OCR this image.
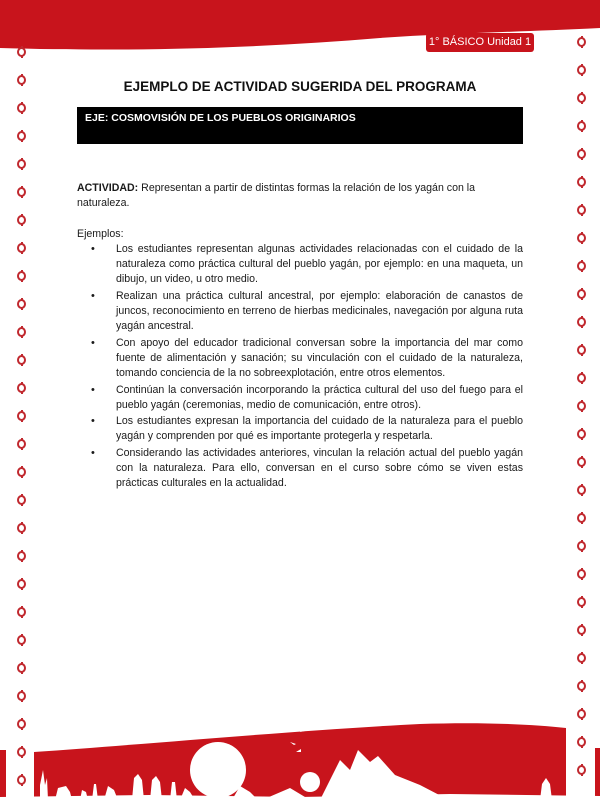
1° BÁSICO Unidad 1
EJEMPLO DE ACTIVIDAD SUGERIDA DEL PROGRAMA
EJE: COSMOVISIÓN DE LOS PUEBLOS ORIGINARIOS
ACTIVIDAD: Representan a partir de distintas formas la relación de los yagán con la naturaleza.
Ejemplos:
• Los estudiantes representan algunas actividades relacionadas con el cuidado de la naturaleza como práctica cultural del pueblo yagán, por ejemplo: en una maqueta, un dibujo, un video, u otro medio.
• Realizan una práctica cultural ancestral, por ejemplo: elaboración de canastos de juncos, reconocimiento en terreno de hierbas medicinales, navegación por alguna ruta yagán ancestral.
• Con apoyo del educador tradicional conversan sobre la importancia del mar como fuente de alimentación y sanación; su vinculación con el cuidado de la naturaleza, tomando conciencia de la no sobreexplotación, entre otros elementos.
• Continúan la conversación incorporando la práctica cultural del uso del fuego para el pueblo yagán (ceremonias, medio de comunicación, entre otros).
• Los estudiantes expresan la importancia del cuidado de la naturaleza para el pueblo yagán y comprenden por qué es importante protegerla y respetarla.
• Considerando las actividades anteriores, vinculan la relación actual del pueblo yagán con la naturaleza. Para ello, conversan en el curso sobre cómo se viven estas prácticas culturales en la actualidad.
